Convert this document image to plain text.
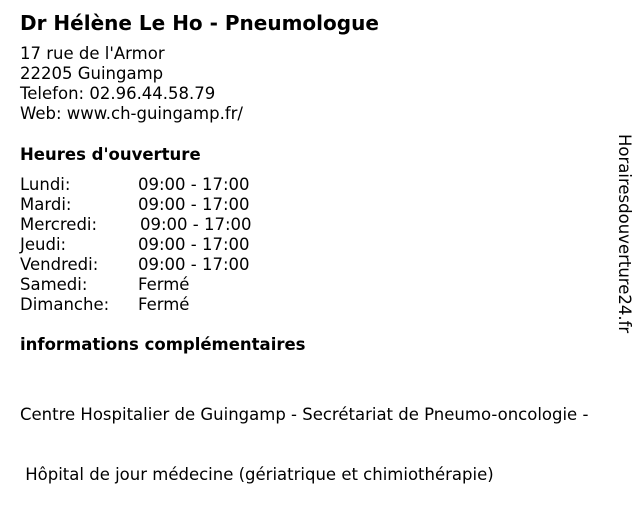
Dr Hélène Le Ho - Pneumologue
17 rue de l'Armor
22205 Guingamp
Telefon: 02.96.44.58.79
Web: www.ch-guingamp.fr/
Heures d'ouverture
Lundi:	09:00 - 17:00
Mardi:	09:00 - 17:00
Mercredi:	09:00 - 17:00
Jeudi:	09:00 - 17:00
Vendredi: 09:00 - 17:00
Samedi:	Fermé
Dimanche: Fermé
informations complémentaires

Centre Hospitalier de Guingamp - Secrétariat de Pneumo-oncologie -

Hôpital de jour médecine (gériatrique et chimiothérapie)

Horairesdouverture24.fr
